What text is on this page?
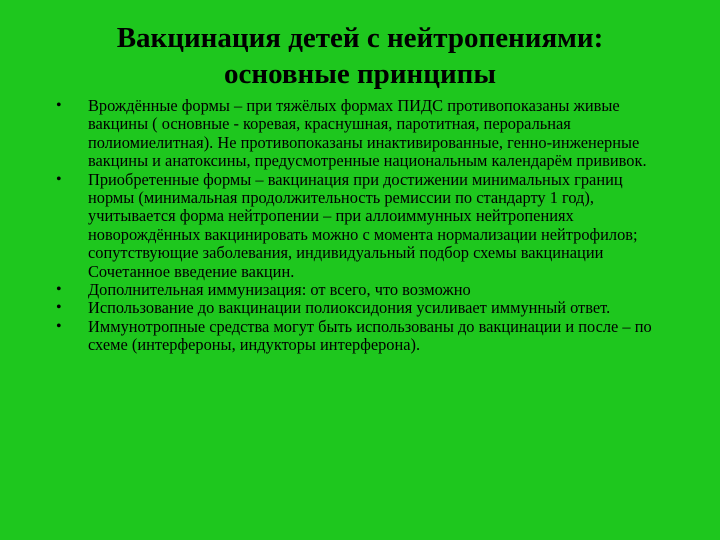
Вакцинация детей с нейтропениями:
основные принципы
• Врождённые формы – при тяжёлых формах ПИДС противопоказаны живые вакцины ( основные - коревая, краснушная, паротитная, пероральная полиомиелитная). Не противопоказаны инактивированные, генно-инженерные вакцины и анатоксины, предусмотренные национальным календарём прививок.
• Приобретенные формы – вакцинация при достижении минимальных границ нормы (минимальная продолжительность ремиссии по стандарту 1 год), учитывается форма нейтропении – при аллоиммунных нейтропениях новорождённых вакцинировать можно с момента нормализации нейтрофилов; сопутствующие заболевания, индивидуальный подбор схемы вакцинации Сочетанное введение вакцин.
• Дополнительная иммунизация: от всего, что возможно
• Использование до вакцинации полиоксидония усиливает иммунный ответ.
• Иммунотропные средства могут быть использованы до вакцинации и после – по схеме (интерфероны, индукторы интерферона).
